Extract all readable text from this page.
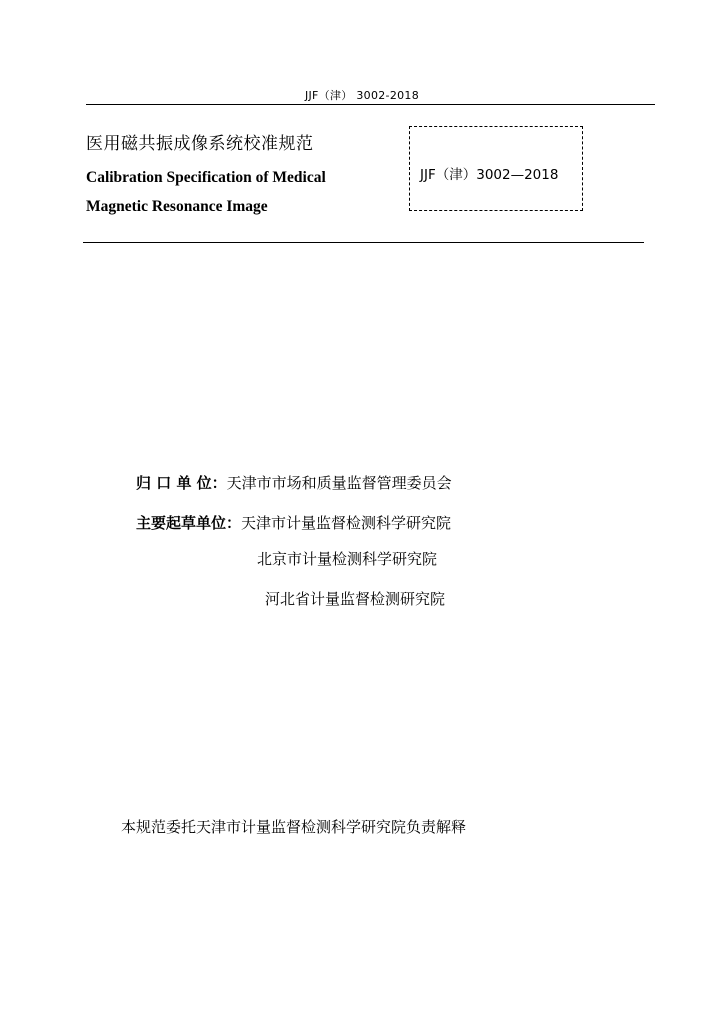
JJF（津） 3002-2018
医用磁共振成像系统校准规范
Calibration Specification of Medical
Magnetic Resonance Image
JJF（津）3002—2018
归 口 单 位：天津市市场和质量监督管理委员会
主要起草单位：天津市计量监督检测科学研究院
北京市计量检测科学研究院
河北省计量监督检测研究院
本规范委托天津市计量监督检测科学研究院负责解释
